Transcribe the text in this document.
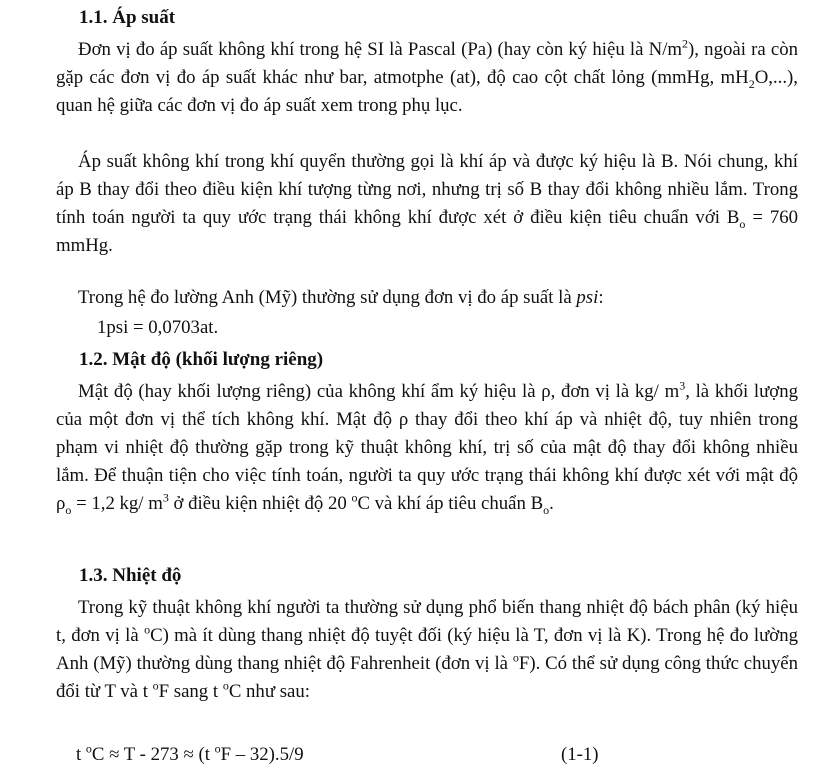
1.1. Áp suất

Đơn vị đo áp suất không khí trong hệ SI là Pascal (Pa) (hay còn ký hiệu là $N/m^2$), ngoài ra còn gặp các đơn vị đo áp suất khác như bar, atmotphe (at), độ cao cột chất lỏng (mmHg, $mH_2O$,...), quan hệ giữa các đơn vị đo áp suất xem trong phụ lục.

Áp suất không khí trong khí quyển thường gọi là khí áp và được ký hiệu là B. Nói chung, khí áp B thay đổi theo điều kiện khí tượng từng nơi, nhưng trị số B thay đổi không nhiều lắm. Trong tính toán người ta quy ước trạng thái không khí được xét ở điều kiện tiêu chuẩn với $B_o = 760$ mmHg.

Trong hệ đo lường Anh (Mỹ) thường sử dụng đơn vị đo áp suất là psi:

1psi = 0,0703at.

1.2. Mật độ (khối lượng riêng)

Mật độ (hay khối lượng riêng) của không khí ẩm ký hiệu là ρ, đơn vị là kg/ $m^3$, là khối lượng của một đơn vị thể tích không khí. Mật độ ρ thay đổi theo khí áp và nhiệt độ, tuy nhiên trong phạm vi nhiệt độ thường gặp trong kỹ thuật không khí, trị số của mật độ thay đổi không nhiều lắm. Để thuận tiện cho việc tính toán, người ta quy ước trạng thái không khí được xét với mật độ $\rho_o = 1,2$ kg/ $m^3$ ở điều kiện nhiệt độ 20 $^o$C và khí áp tiêu chuẩn $B_o$.

1.3. Nhiệt độ

Trong kỹ thuật không khí người ta thường sử dụng phổ biến thang nhiệt độ bách phân (ký hiệu t, đơn vị là $^o$C) mà ít dùng thang nhiệt độ tuyệt đối (ký hiệu là T, đơn vị là K). Trong hệ đo lường Anh (Mỹ) thường dùng thang nhiệt độ Fahrenheit (đơn vị là $^o$F). Có thể sử dụng công thức chuyển đổi từ T và t $^o$F sang t $^o$C như sau:

t $^o$C ≈ T - 273 ≈ (t $^o$F – 32).5/9	(1-1)
